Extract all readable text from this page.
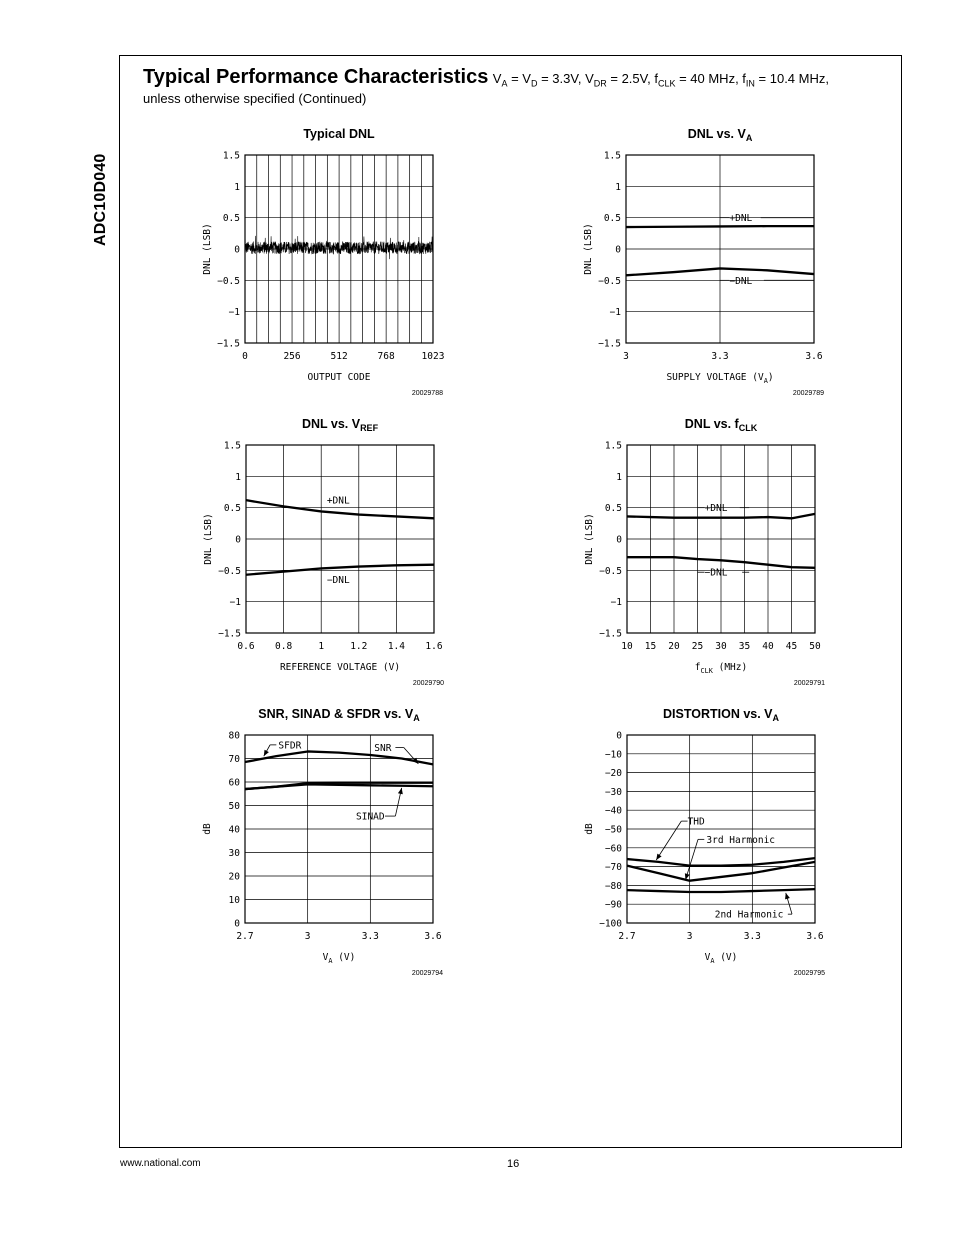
ADC10D040
Typical Performance Characteristics $V_A = V_D = 3.3V$, $V_{DR} = 2.5V$, $f_{CLK} = 40$ MHz, $f_{IN} = 10.4$ MHz,
unless otherwise specified (Continued)
Typical DNL
1.5
1
0.5
0
−0.5
−1
−1.5
0	256	512	768	1023
OUTPUT CODE
DNL (LSB)
20029788
DNL vs. $V_A$
1.5
1
0.5
0
−0.5
−1
−1.5
3	3.3	3.6
SUPPLY VOLTAGE $(V_A)$
DNL (LSB)
20029789
+DNL
−DNL
DNL vs. $V_{REF}$
1.5
1
0.5
0
−0.5
−1
−1.5
0.6 0.8	1	1.2 1.4 1.6
REFERENCE VOLTAGE (V)
DNL (LSB)
20029790
+DNL
−DNL
DNL vs. $f_{CLK}$
1.5
1
0.5
0
−0.5
−1
−1.5
10 15 20 25 30 35 40 45 50
$f_{CLK}$ (MHz)
DNL (LSB)
20029791
+DNL
−DNL
SNR, SINAD & SFDR vs. $V_A$
80
70
60
50
40
30
20
10
0
2.7	3	3.3	3.6
$V_A$ (V)
dB
20029794
SFDR	SNR
SINAD
DISTORTION vs. $V_A$
0
−10
−20
−30
−40
−50
−60
−70
−80
−90
−100
2.7	3	3.3	3.6
$V_A$ (V)
dB
20029795
THD
3rd Harmonic
2nd Harmonic
www.national.com	16
